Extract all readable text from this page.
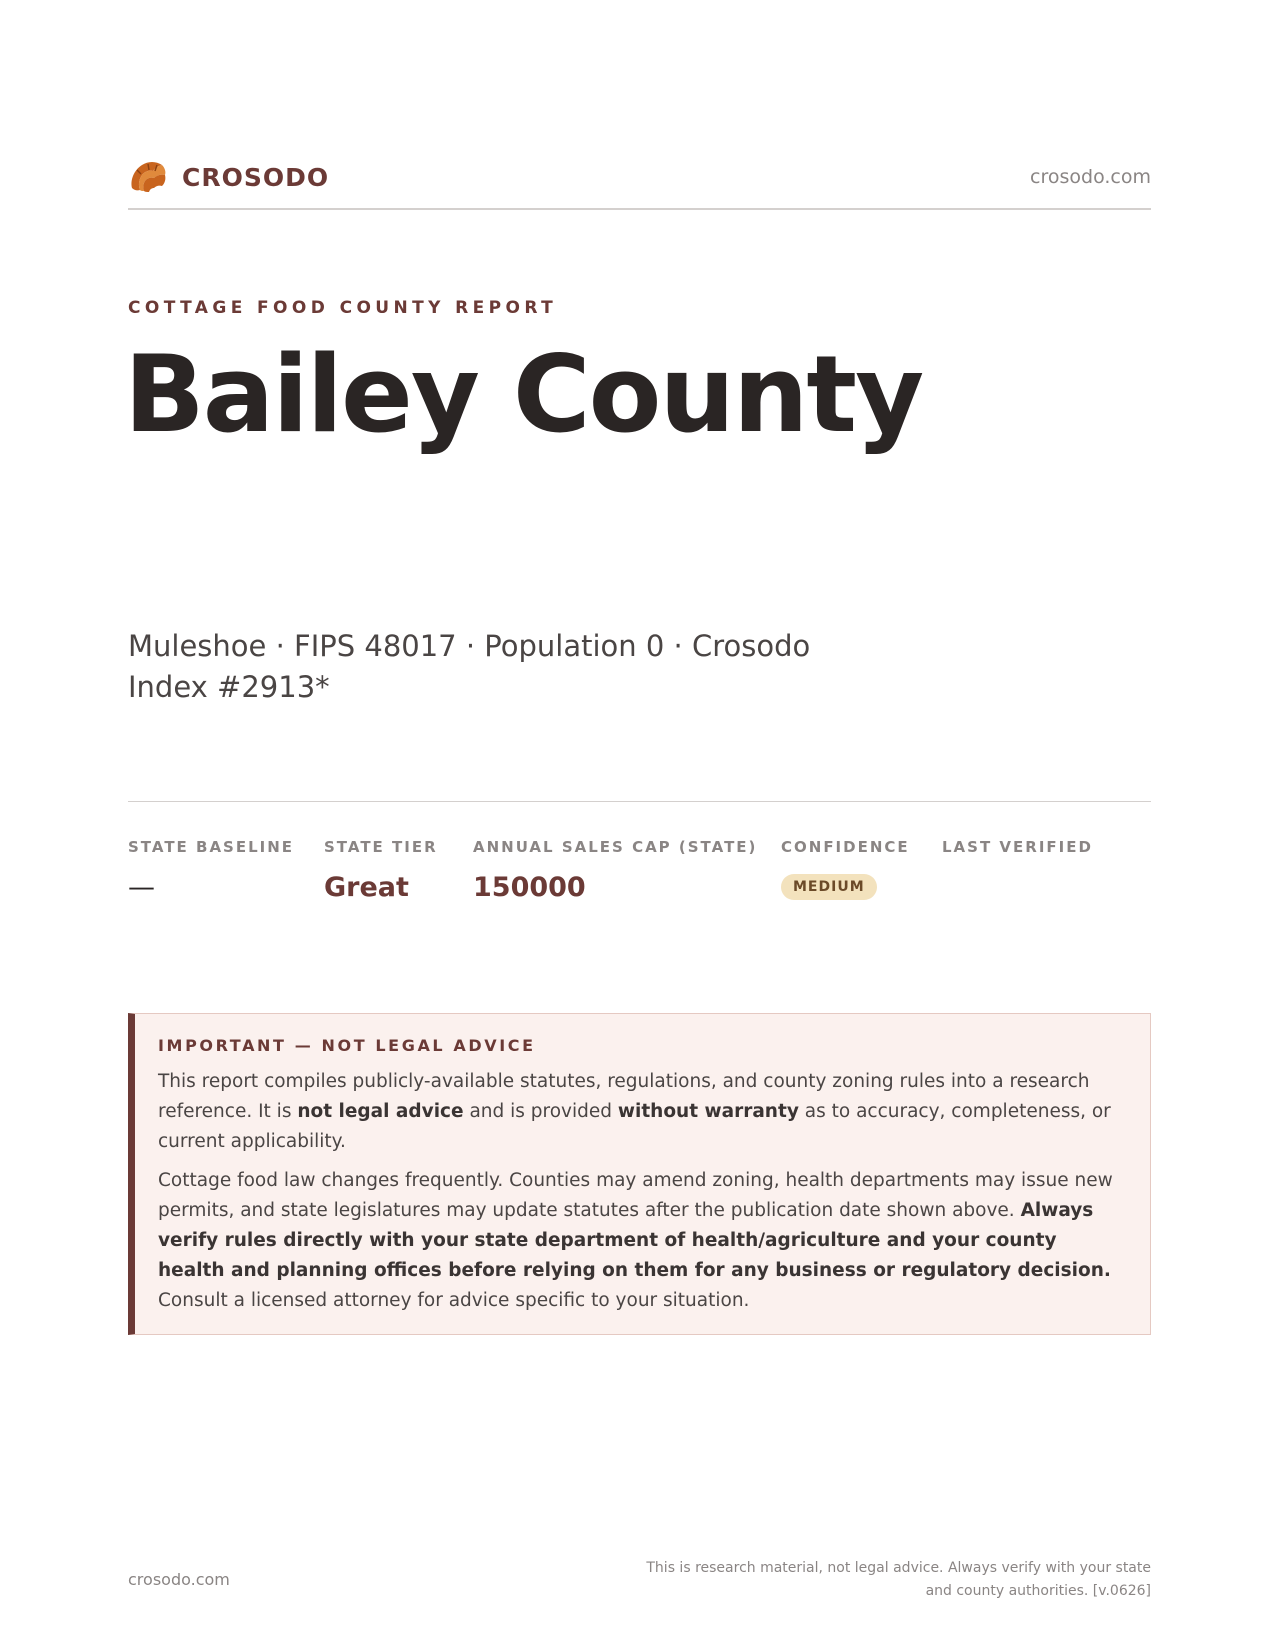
CROSODO	crosodo.com
COTTAGE FOOD COUNTY REPORT
Bailey County
Muleshoe · FIPS 48017 · Population 0 · Crosodo Index #2913*
STATE BASELINE
—
STATE TIER
Great
ANNUAL SALES CAP (STATE)
150000
CONFIDENCE
MEDIUM
LAST VERIFIED
IMPORTANT — NOT LEGAL ADVICE

This report compiles publicly-available statutes, regulations, and county zoning rules into a research reference. It is not legal advice and is provided without warranty as to accuracy, completeness, or current applicability.

Cottage food law changes frequently. Counties may amend zoning, health departments may issue new permits, and state legislatures may update statutes after the publication date shown above. Always verify rules directly with your state department of health/agriculture and your county health and planning offices before relying on them for any business or regulatory decision. Consult a licensed attorney for advice specific to your situation.

crosodo.com
This is research material, not legal advice. Always verify with your state and county authorities. [v.0626]
